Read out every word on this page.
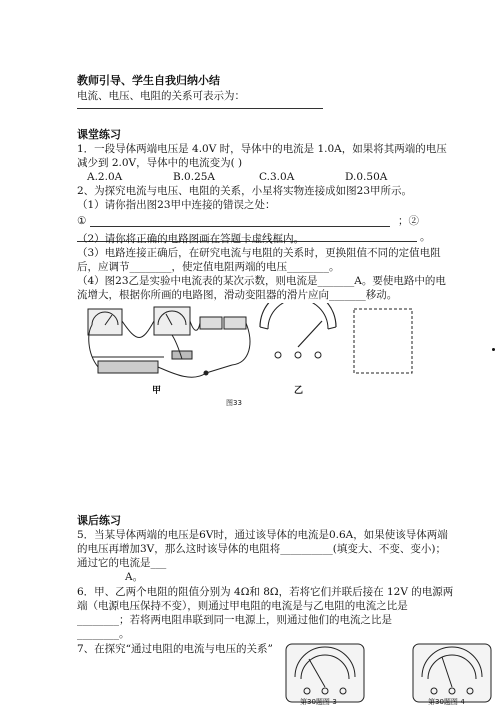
教师引导、学生自我归纳小结
电流、电压、电阻的关系可表示为：
课堂练习
1．一段导体两端电压是 4.0V 时，导体中的电流是 1.0A，如果将其两端的电压
减少到 2.0V，导体中的电流变为( )
A.2.0A	B.0.25A	C.3.0A	D.0.50A
2、为探究电流与电压、电阻的关系，小星将实物连接成如图23甲所示。
（1）请你指出图23甲中连接的错误之处：
①	；②
。
（2）请你将正确的电路图画在答题卡虚线框内。
（3）电路连接正确后，在研究电流与电阻的关系时，更换阻值不同的定值电阻
后，应调节________，使定值电阻两端的电压________。
（4）图23乙是实验中电流表的某次示数，则电流是_______A。要使电路中的电
流增大，根据你所画的电路图，滑动变阻器的滑片应向_______移动。
甲	乙
图33
课后练习
5．当某导体两端的电压是6V时，通过该导体的电流是0.6A，如果使该导体两端
的电压再增加3V，那么这时该导体的电阻将__________(填变大、不变、变小)；
通过它的电流是___
A。
6．甲、乙两个电阻的阻值分别为 4Ω和 8Ω，若将它们并联后接在 12V 的电源两
端（电源电压保持不变），则通过甲电阻的电流是与乙电阻的电流之比是
________；若将两电阻串联到同一电源上，则通过他们的电流之比是
________。
7、在探究“通过电阻的电流与电压的关系”
第30题图-3	第30题图-4
